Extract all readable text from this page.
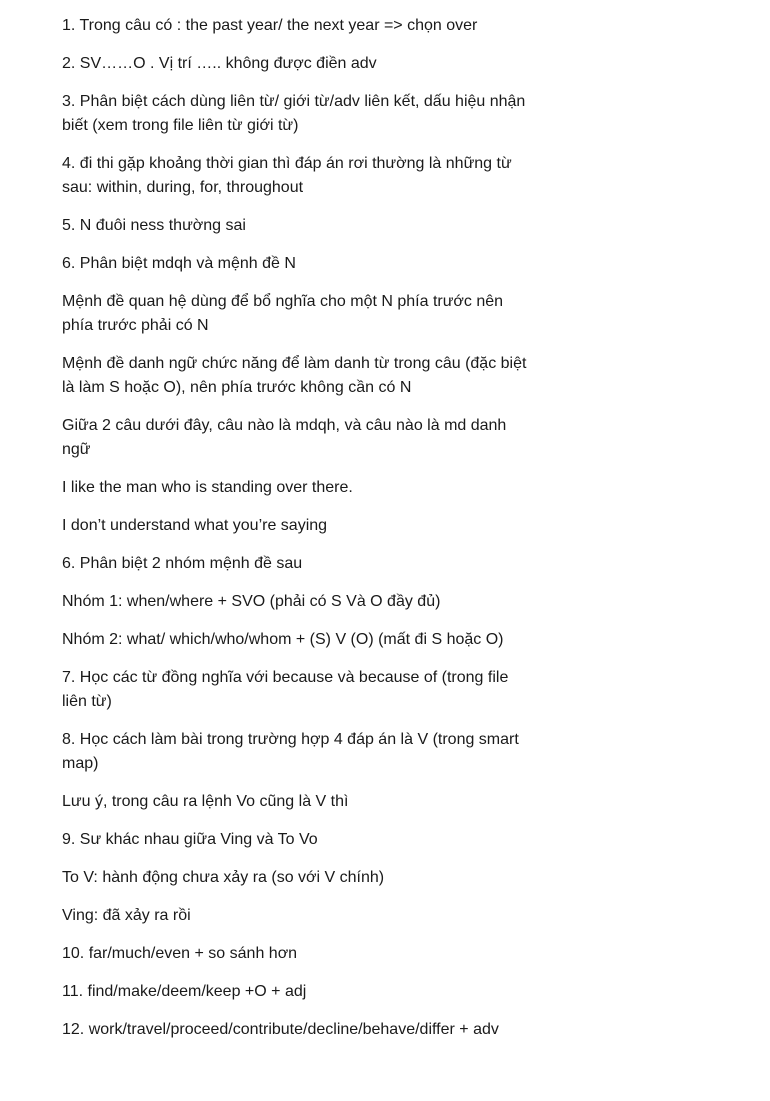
1. Trong câu có : the past year/ the next year => chọn over

2. SV……O . Vị trí ….. không được điền adv

3. Phân biệt cách dùng liên từ/ giới từ/adv liên kết, dấu hiệu nhận biết (xem trong file liên từ giới từ)

4. đi thi gặp khoảng thời gian thì đáp án rơi thường là những từ sau: within, during, for, throughout

5. N đuôi ness thường sai

6. Phân biệt mdqh và mệnh đề N

Mệnh đề quan hệ dùng để bổ nghĩa cho một N phía trước nên phía trước phải có N

Mệnh đề danh ngữ chức năng để làm danh từ trong câu (đặc biệt là làm S hoặc O), nên phía trước không cần có N

Giữa 2 câu dưới đây, câu nào là mdqh, và câu nào là md danh ngữ

I like the man who is standing over there.

I don’t understand what you’re saying

6. Phân biệt 2 nhóm mệnh đề sau

Nhóm 1: when/where + SVO (phải có S Và O đầy đủ)

Nhóm 2: what/ which/who/whom + (S) V (O) (mất đi S hoặc O)

7. Học các từ đồng nghĩa với because và because of (trong file liên từ)

8. Học cách làm bài trong trường hợp 4 đáp án là V (trong smart map)

Lưu ý, trong câu ra lệnh Vo cũng là V thì

9. Sư khác nhau giữa Ving và To Vo

To V: hành động chưa xảy ra (so với V chính)

Ving: đã xảy ra rồi

10. far/much/even + so sánh hơn

11. find/make/deem/keep +O + adj

12. work/travel/proceed/contribute/decline/behave/differ + adv
